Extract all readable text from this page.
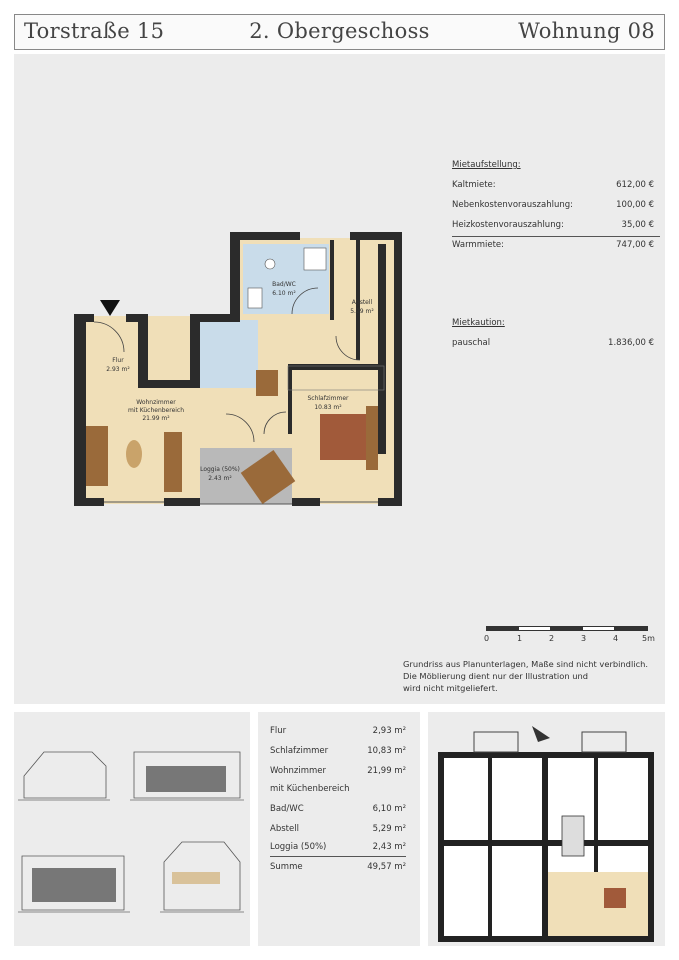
Torstraße 15	2. Obergeschoss	Wohnung 08
Flur
2.93 m²
Wohnzimmer
mit Küchenbereich
21.99 m²
Bad/WC
6.10 m²
Abstell
5.29 m²
Schlafzimmer
10.83 m²
Loggia (50%)
2.43 m²
Mietaufstellung:
Kaltmiete:	612,00 €
Nebenkostenvorauszahlung:	100,00 €
Heizkostenvorauszahlung:	35,00 €
Warmmiete:	747,00 €
Mietkaution:
pauschal	1.836,00 €
0	1	2	3	4	5m
Grundriss aus Planunterlagen, Maße sind nicht verbindlich.
Die Möblierung dient nur der Illustration und
wird nicht mitgeliefert.
Flur	2,93 m²
Schlafzimmer	10,83 m²
Wohnzimmer	21,99 m²
mit Küchenbereich
Bad/WC	6,10 m²
Abstell	5,29 m²
Loggia (50%)	2,43 m²
Summe	49,57 m²
